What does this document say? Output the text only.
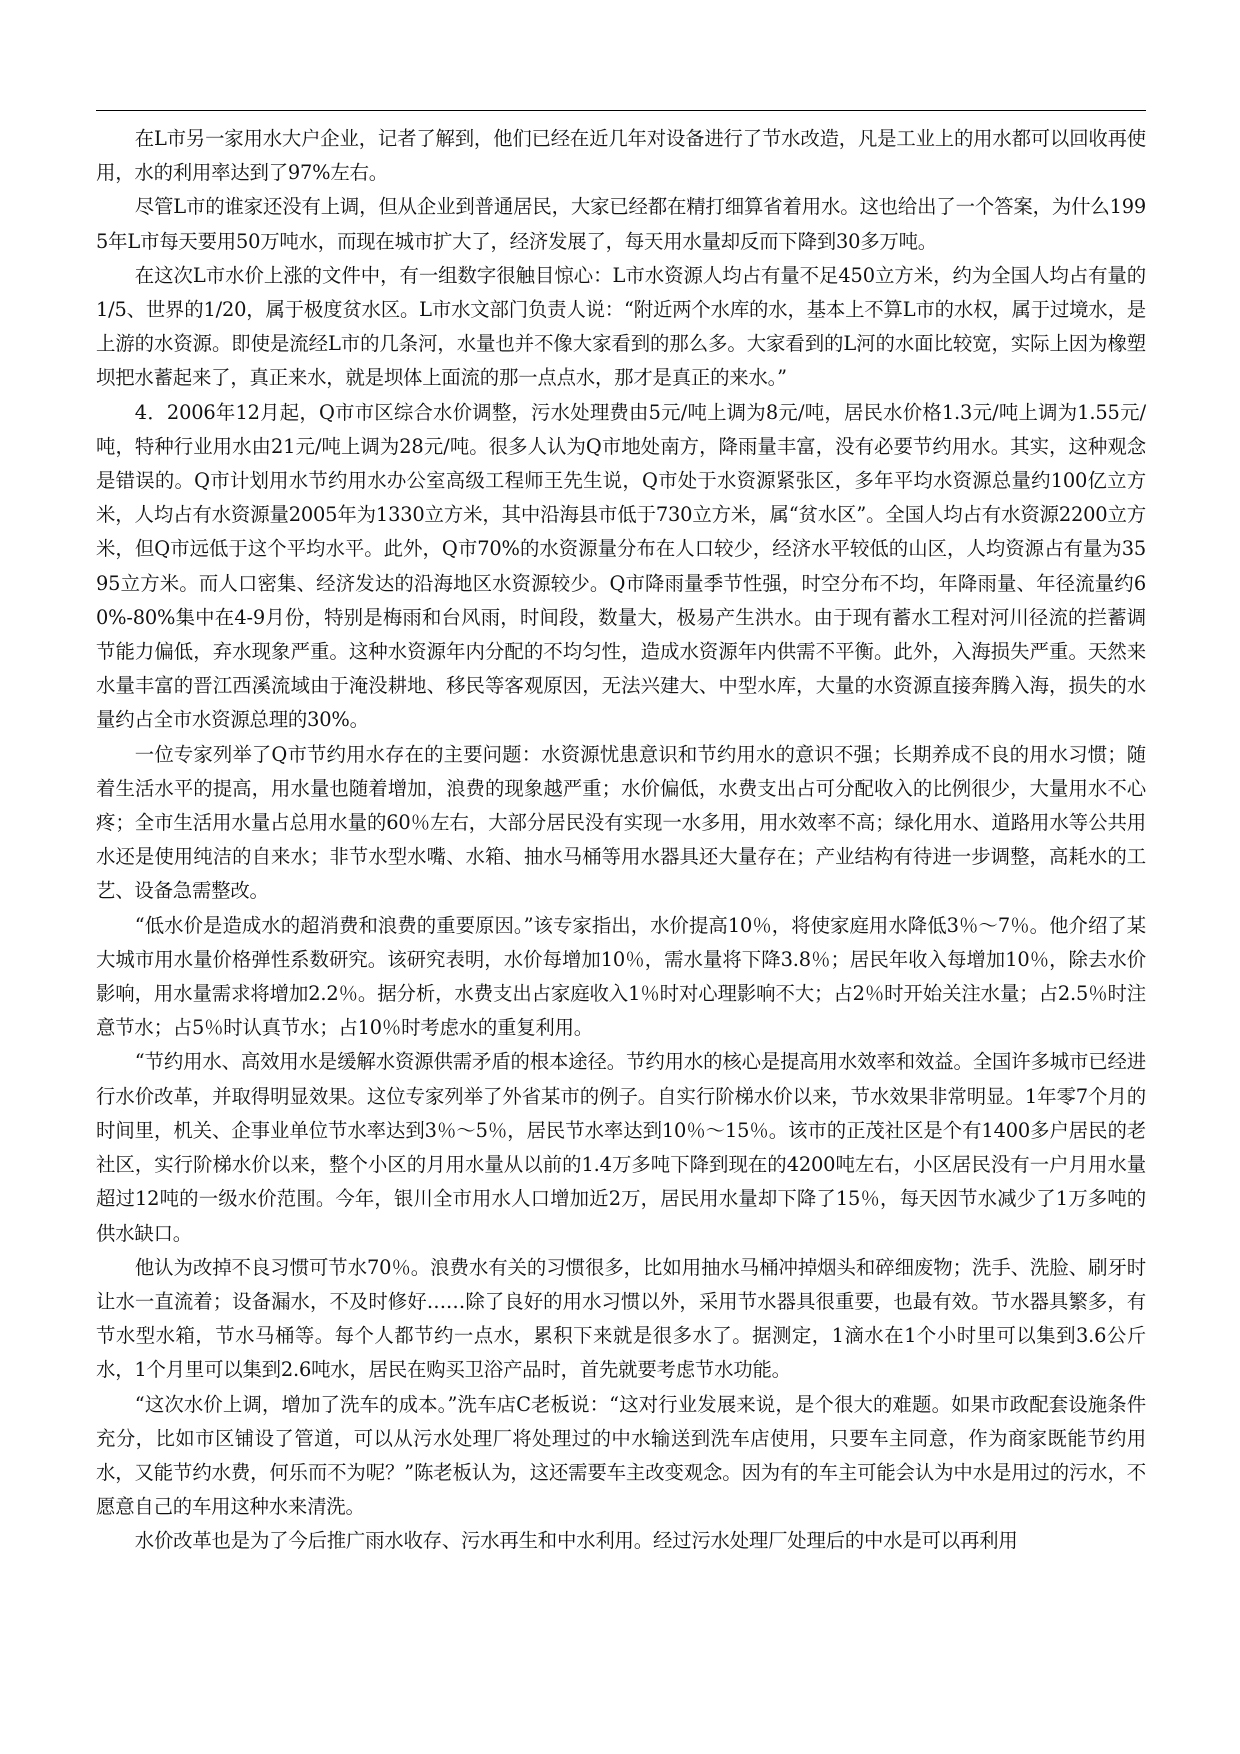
在L市另一家用水大户企业，记者了解到，他们已经在近几年对设备进行了节水改造，凡是工业上的用水都可以回收再使用，水的利用率达到了97%左右。

尽管L市的谁家还没有上调，但从企业到普通居民，大家已经都在精打细算省着用水。这也给出了一个答案，为什么1995年L市每天要用50万吨水，而现在城市扩大了，经济发展了，每天用水量却反而下降到30多万吨。

在这次L市水价上涨的文件中，有一组数字很触目惊心：L市水资源人均占有量不足450立方米，约为全国人均占有量的1/5、世界的1/20，属于极度贫水区。L市水文部门负责人说：“附近两个水库的水，基本上不算L市的水权，属于过境水，是上游的水资源。即使是流经L市的几条河，水量也并不像大家看到的那么多。大家看到的L河的水面比较宽，实际上因为橡塑坝把水蓄起来了，真正来水，就是坝体上面流的那一点点水，那才是真正的来水。”

4．2006年12月起，Q市市区综合水价调整，污水处理费由5元/吨上调为8元/吨，居民水价格1.3元/吨上调为1.55元/吨，特种行业用水由21元/吨上调为28元/吨。很多人认为Q市地处南方，降雨量丰富，没有必要节约用水。其实，这种观念是错误的。Q市计划用水节约用水办公室高级工程师王先生说，Q市处于水资源紧张区，多年平均水资源总量约100亿立方米，人均占有水资源量2005年为1330立方米，其中沿海县市低于730立方米，属“贫水区”。全国人均占有水资源2200立方米，但Q市远低于这个平均水平。此外，Q市70%的水资源量分布在人口较少，经济水平较低的山区，人均资源占有量为3595立方米。而人口密集、经济发达的沿海地区水资源较少。Q市降雨量季节性强，时空分布不均，年降雨量、年径流量约60%-80%集中在4-9月份，特别是梅雨和台风雨，时间段，数量大，极易产生洪水。由于现有蓄水工程对河川径流的拦蓄调节能力偏低，弃水现象严重。这种水资源年内分配的不均匀性，造成水资源年内供需不平衡。此外，入海损失严重。天然来水量丰富的晋江西溪流域由于淹没耕地、移民等客观原因，无法兴建大、中型水库，大量的水资源直接奔腾入海，损失的水量约占全市水资源总理的30%。

一位专家列举了Q市节约用水存在的主要问题：水资源忧患意识和节约用水的意识不强；长期养成不良的用水习惯；随着生活水平的提高，用水量也随着增加，浪费的现象越严重；水价偏低，水费支出占可分配收入的比例很少，大量用水不心疼；全市生活用水量占总用水量的60％左右，大部分居民没有实现一水多用，用水效率不高；绿化用水、道路用水等公共用水还是使用纯洁的自来水；非节水型水嘴、水箱、抽水马桶等用水器具还大量存在；产业结构有待进一步调整，高耗水的工艺、设备急需整改。

“低水价是造成水的超消费和浪费的重要原因。”该专家指出，水价提高10％，将使家庭用水降低3％～7％。他介绍了某大城市用水量价格弹性系数研究。该研究表明，水价每增加10％，需水量将下降3.8％；居民年收入每增加10％，除去水价影响，用水量需求将增加2.2％。据分析，水费支出占家庭收入1％时对心理影响不大；占2％时开始关注水量；占2.5％时注意节水；占5％时认真节水；占10％时考虑水的重复利用。

“节约用水、高效用水是缓解水资源供需矛盾的根本途径。节约用水的核心是提高用水效率和效益。全国许多城市已经进行水价改革，并取得明显效果。这位专家列举了外省某市的例子。自实行阶梯水价以来，节水效果非常明显。1年零7个月的时间里，机关、企事业单位节水率达到3％～5％，居民节水率达到10％～15％。该市的正茂社区是个有1400多户居民的老社区，实行阶梯水价以来，整个小区的月用水量从以前的1.4万多吨下降到现在的4200吨左右，小区居民没有一户月用水量超过12吨的一级水价范围。今年，银川全市用水人口增加近2万，居民用水量却下降了15％，每天因节水减少了1万多吨的供水缺口。

他认为改掉不良习惯可节水70％。浪费水有关的习惯很多，比如用抽水马桶冲掉烟头和碎细废物；洗手、洗脸、刷牙时让水一直流着；设备漏水，不及时修好……除了良好的用水习惯以外，采用节水器具很重要，也最有效。节水器具繁多，有节水型水箱，节水马桶等。每个人都节约一点水，累积下来就是很多水了。据测定，1滴水在1个小时里可以集到3.6公斤水，1个月里可以集到2.6吨水，居民在购买卫浴产品时，首先就要考虑节水功能。

“这次水价上调，增加了洗车的成本。”洗车店C老板说：“这对行业发展来说，是个很大的难题。如果市政配套设施条件充分，比如市区铺设了管道，可以从污水处理厂将处理过的中水输送到洗车店使用，只要车主同意，作为商家既能节约用水，又能节约水费，何乐而不为呢？”陈老板认为，这还需要车主改变观念。因为有的车主可能会认为中水是用过的污水，不愿意自己的车用这种水来清洗。

水价改革也是为了今后推广雨水收存、污水再生和中水利用。经过污水处理厂处理后的中水是可以再利用
